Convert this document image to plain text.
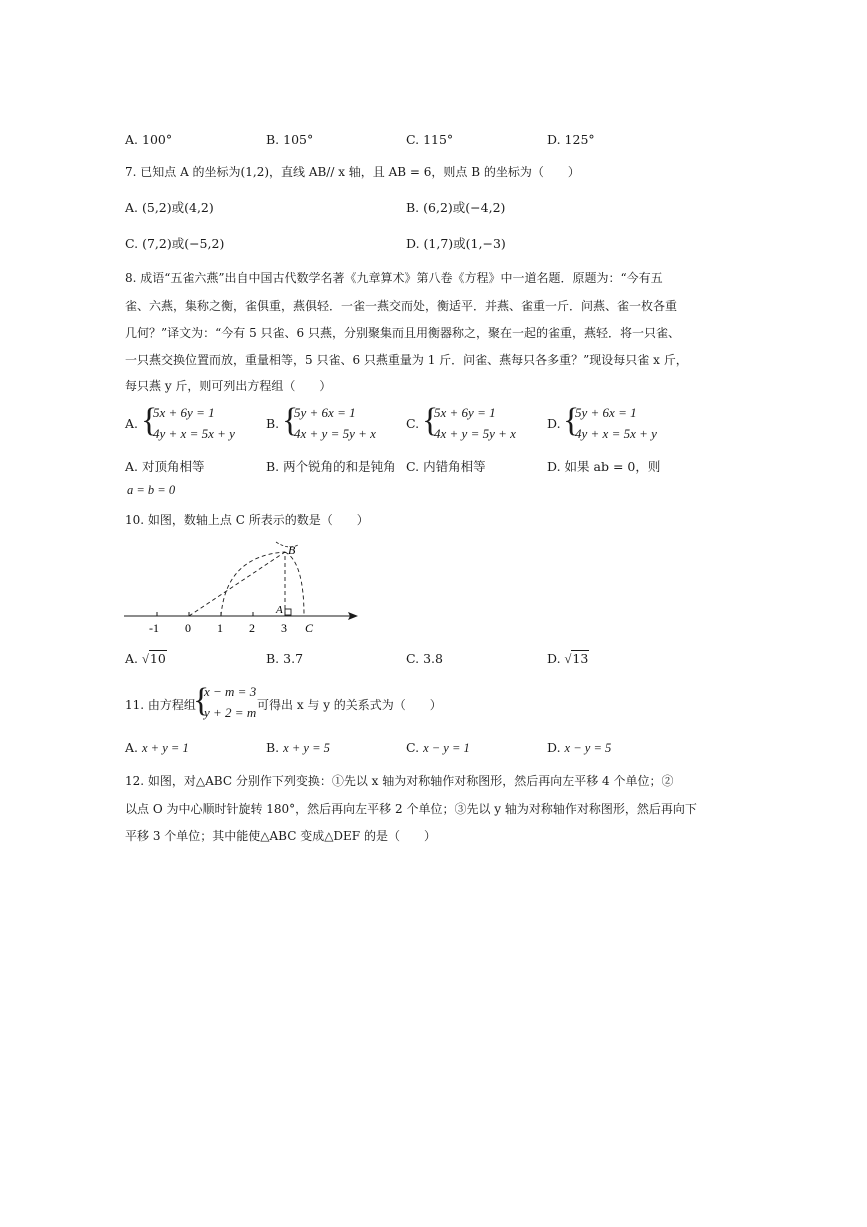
A. 100°	B. 105°	C. 115°	D. 125°
7. 已知点 A 的坐标为(1,2)，直线 AB// x 轴，且 AB = 6，则点 B 的坐标为（　　）
A. (5,2)或(4,2)	B. (6,2)或(−4,2)
C. (7,2)或(−5,2)	D. (1,7)或(1,−3)
8. 成语“五雀六燕”出自中国古代数学名著《九章算术》第八卷《方程》中一道名题．原题为：“今有五
雀、六燕，集称之衡，雀俱重，燕俱轻．一雀一燕交而处，衡适平．并燕、雀重一斤．问燕、雀一枚各重
几何？”译文为：“今有 5 只雀、6 只燕，分别聚集而且用衡器称之，聚在一起的雀重，燕轻．将一只雀、
一只燕交换位置而放，重量相等，5 只雀、6 只燕重量为 1 斤．问雀、燕每只各多重？”现设每只雀 x 斤，
每只燕 y 斤，则可列出方程组（　　）
A. {
5x + 6y = 1
4y + x = 5x + y
B. {
5y + 6x = 1
4x + y = 5y + x
C. {
5x + 6y = 1
4x + y = 5y + x
D. {
5y + 6x = 1
4y + x = 5x + y
A. 对顶角相等	B. 两个锐角的和是钝角 C. 内错角相等	D. 如果 ab = 0，则
a = b = 0
10. 如图，数轴上点 C 所表示的数是（　　）
-1 0 1 2 3
A
B
C
A. √10	B. 3.7	C. 3.8	D. √13
11. 由方程组
{
x − m = 3
y + 2 = m 可得出 x 与 y 的关系式为（　　）
A. x + y = 1	B. x + y = 5	C. x − y = 1	D. x − y = 5
12. 如图，对△ABC 分别作下列变换：①先以 x 轴为对称轴作对称图形，然后再向左平移 4 个单位；②
以点 O 为中心顺时针旋转 180°，然后再向左平移 2 个单位；③先以 y 轴为对称轴作对称图形，然后再向下
平移 3 个单位；其中能使△ABC 变成△DEF 的是（　　）
